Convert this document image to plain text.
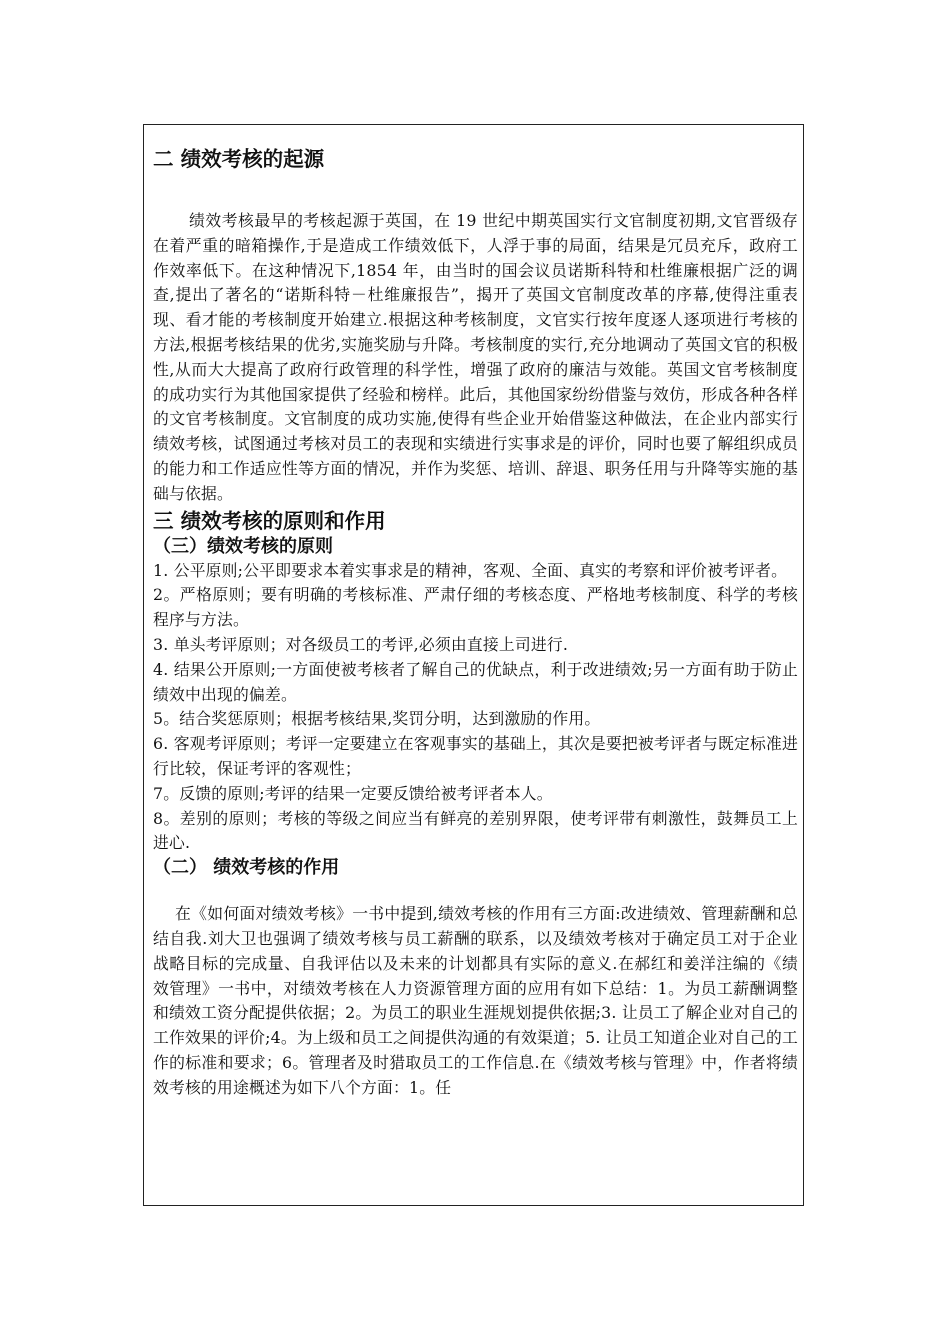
二 绩效考核的起源

绩效考核最早的考核起源于英国，在 19 世纪中期英国实行文官制度初期,文官晋级存在着严重的暗箱操作,于是造成工作绩效低下，人浮于事的局面，结果是冗员充斥，政府工作效率低下。在这种情况下,1854 年，由当时的国会议员诺斯科特和杜维廉根据广泛的调查,提出了著名的“诺斯科特－杜维廉报告”，揭开了英国文官制度改革的序幕,使得注重表现、看才能的考核制度开始建立.根据这种考核制度，文官实行按年度逐人逐项进行考核的方法,根据考核结果的优劣,实施奖励与升降。考核制度的实行,充分地调动了英国文官的积极性,从而大大提高了政府行政管理的科学性，增强了政府的廉洁与效能。英国文官考核制度的成功实行为其他国家提供了经验和榜样。此后，其他国家纷纷借鉴与效仿，形成各种各样的文官考核制度。文官制度的成功实施,使得有些企业开始借鉴这种做法，在企业内部实行绩效考核，试图通过考核对员工的表现和实绩进行实事求是的评价，同时也要了解组织成员的能力和工作适应性等方面的情况，并作为奖惩、培训、辞退、职务任用与升降等实施的基础与依据。

三 绩效考核的原则和作用

（三）绩效考核的原则

1. 公平原则;公平即要求本着实事求是的精神，客观、全面、真实的考察和评价被考评者。

2。严格原则；要有明确的考核标准、严肃仔细的考核态度、严格地考核制度、科学的考核程序与方法。

3. 单头考评原则；对各级员工的考评,必须由直接上司进行.

4. 结果公开原则;一方面使被考核者了解自己的优缺点，利于改进绩效;另一方面有助于防止绩效中出现的偏差。

5。结合奖惩原则；根据考核结果,奖罚分明，达到激励的作用。

6. 客观考评原则；考评一定要建立在客观事实的基础上，其次是要把被考评者与既定标准进行比较，保证考评的客观性；

7。反馈的原则;考评的结果一定要反馈给被考评者本人。

8。差别的原则；考核的等级之间应当有鲜亮的差别界限，使考评带有刺激性，鼓舞员工上进心.

（二） 绩效考核的作用

在《如何面对绩效考核》一书中提到,绩效考核的作用有三方面:改进绩效、管理薪酬和总结自我.刘大卫也强调了绩效考核与员工薪酬的联系，以及绩效考核对于确定员工对于企业战略目标的完成量、自我评估以及未来的计划都具有实际的意义.在郝红和姜洋注编的《绩效管理》一书中，对绩效考核在人力资源管理方面的应用有如下总结：1。为员工薪酬调整和绩效工资分配提供依据；2。为员工的职业生涯规划提供依据;3. 让员工了解企业对自己的工作效果的评价;4。为上级和员工之间提供沟通的有效渠道；5. 让员工知道企业对自己的工作的标准和要求；6。管理者及时猎取员工的工作信息.在《绩效考核与管理》中，作者将绩效考核的用途概述为如下八个方面：1。任
